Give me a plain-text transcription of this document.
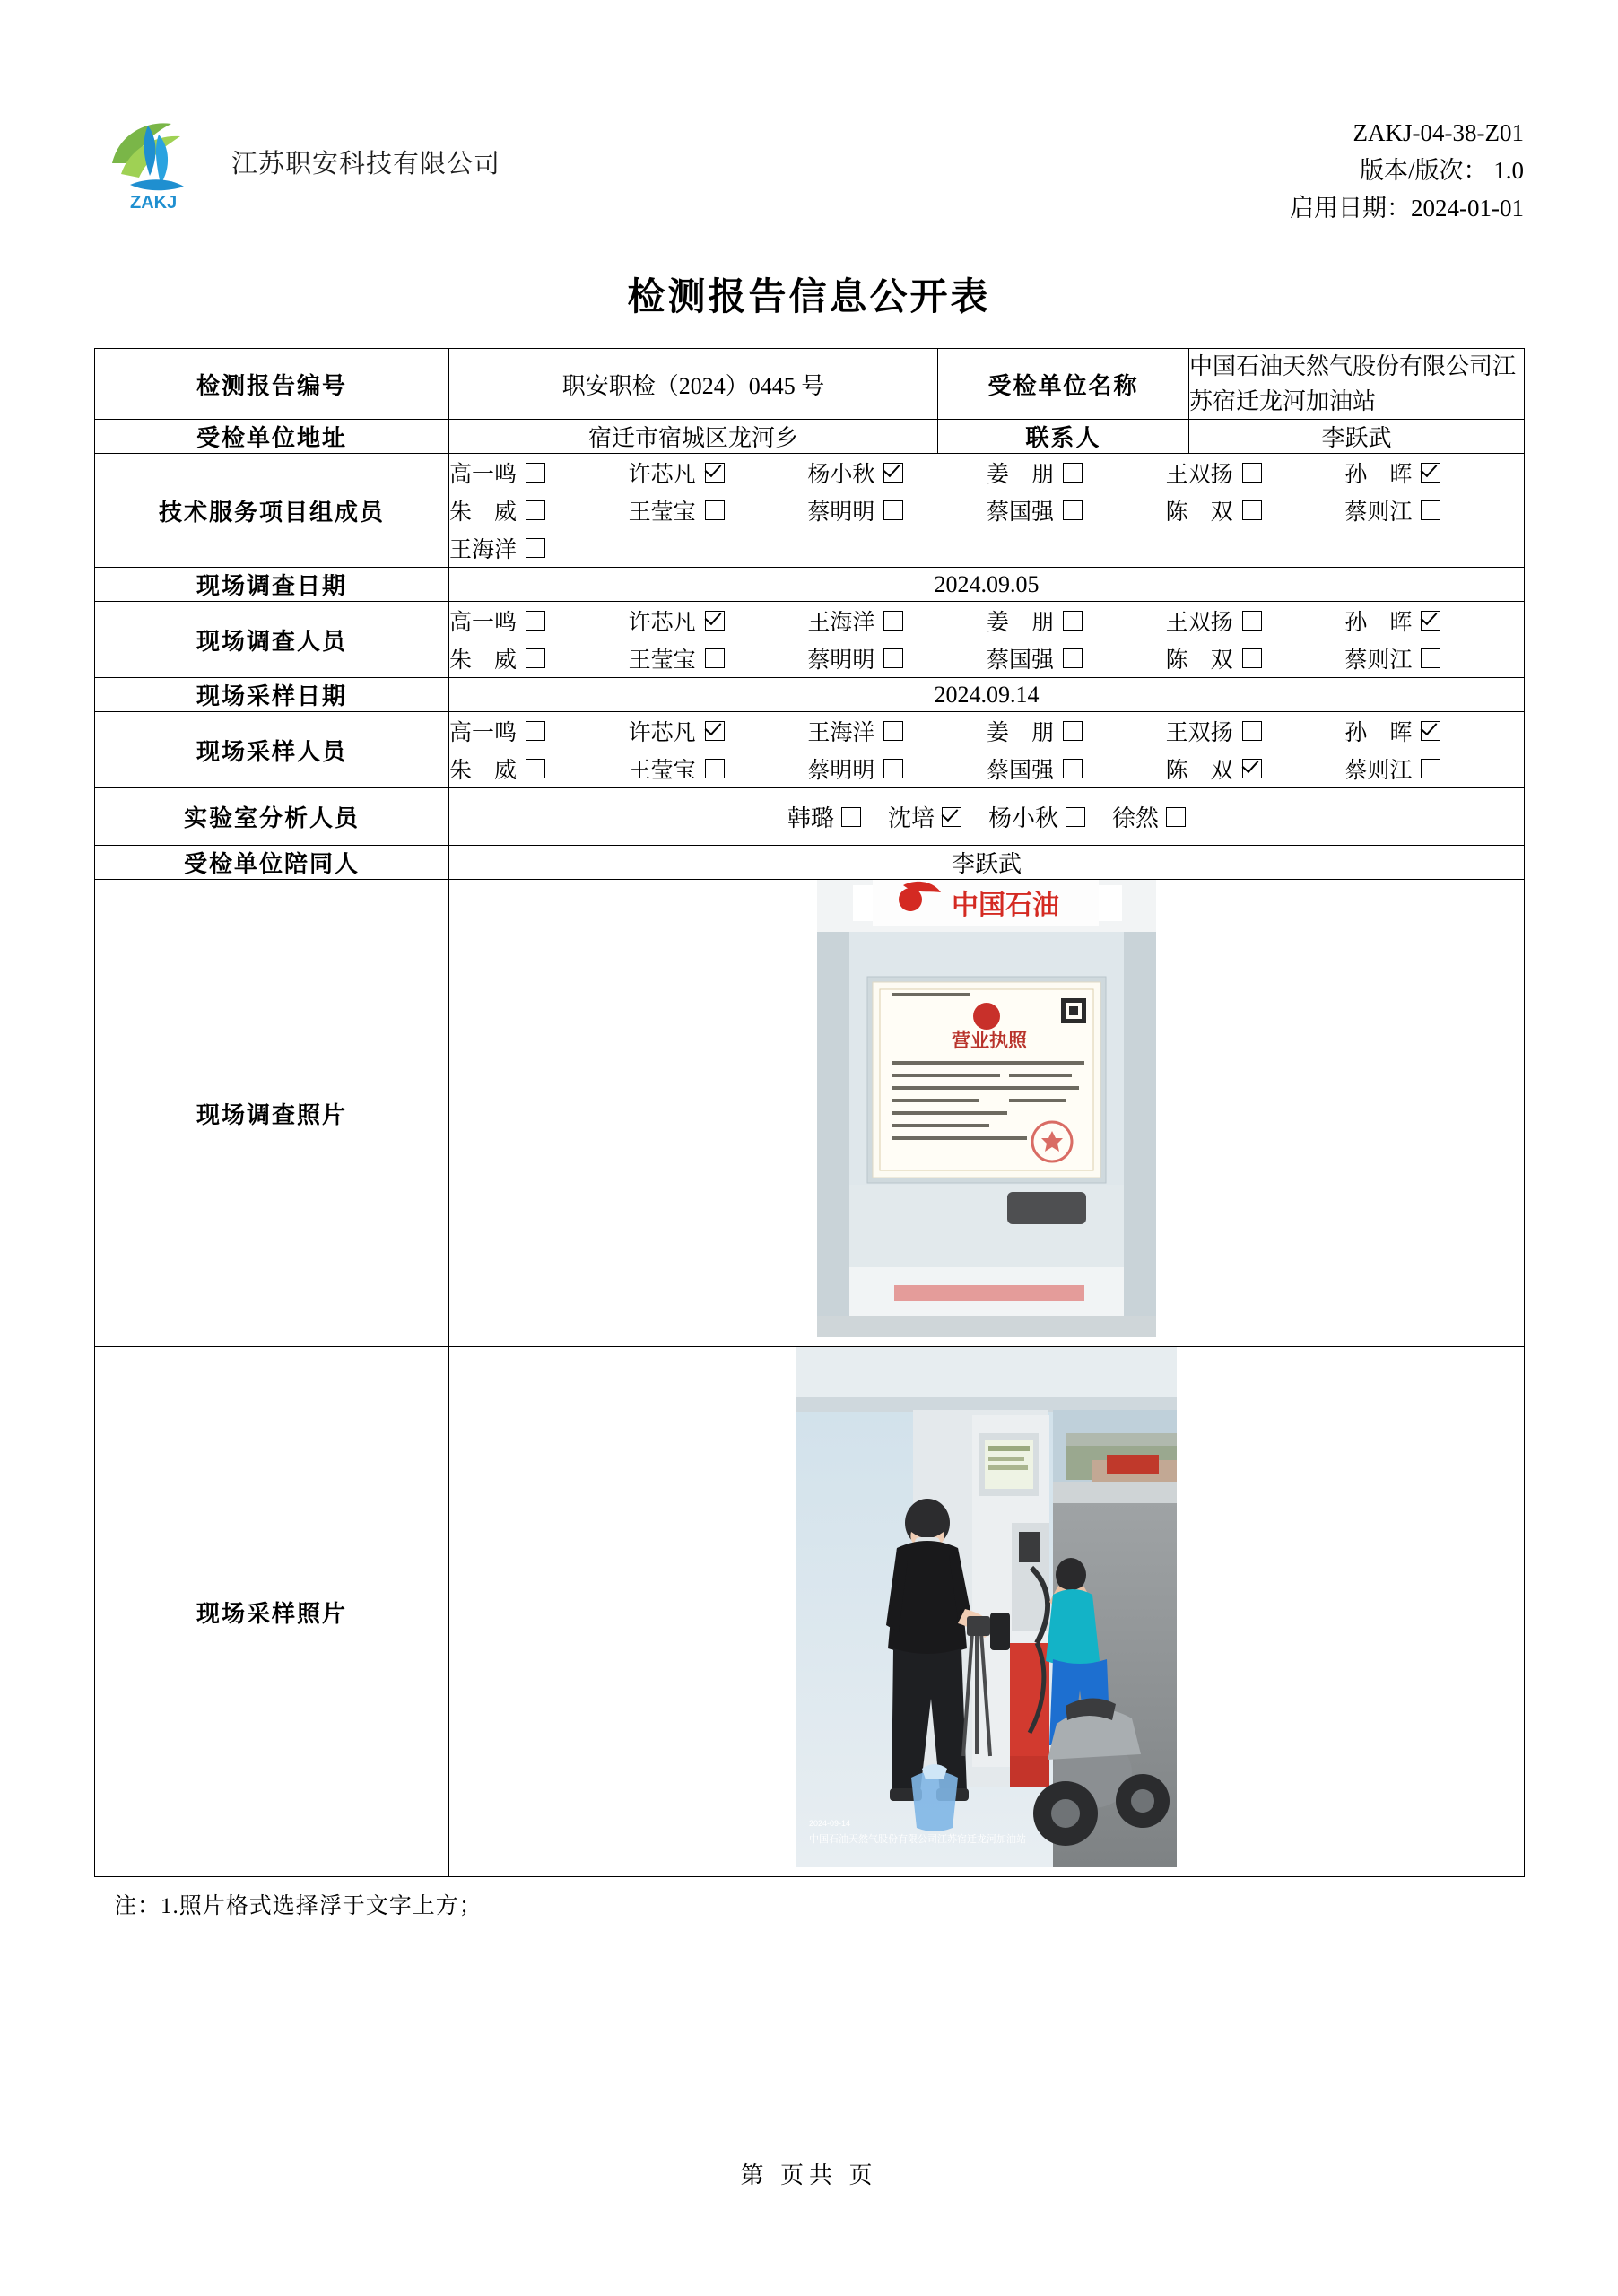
ZAKJ
江苏职安科技有限公司
ZAKJ-04-38-Z01
版本/版次： 1.0
启用日期：2024-01-01
检测报告信息公开表
检测报告编号	职安职检（2024）0445 号	受检单位名称	中国石油天然气股份有限公司江苏宿迁龙河加油站
受检单位地址	宿迁市宿城区龙河乡	联系人	李跃武
技术服务项目组成员	
高一鸣	许芯凡	杨小秋	姜　朋	王双扬	孙　晖
朱　威	王莹宝	蔡明明	蔡国强	陈　双	蔡则江
王海洋

现场调查日期	2024.09.05		
现场调查人员	
高一鸣	许芯凡	王海洋	姜　朋	王双扬	孙　晖
朱　威	王莹宝	蔡明明	蔡国强	陈　双	蔡则江

现场采样日期	2024.09.14		
现场采样人员	
高一鸣	许芯凡	王海洋	姜　朋	王双扬	孙　晖
朱　威	王莹宝	蔡明明	蔡国强	陈　双	蔡则江

实验室分析人员	韩璐 沈培 杨小秋 徐然		

受检单位陪同人	李跃武		
现场调查照片	中国石油
营业执照		

现场采样照片	2024-09-14
中国石油天然气股份有限公司江苏宿迁龙河加油站		
注：1.照片格式选择浮于文字上方；
第 页共 页
